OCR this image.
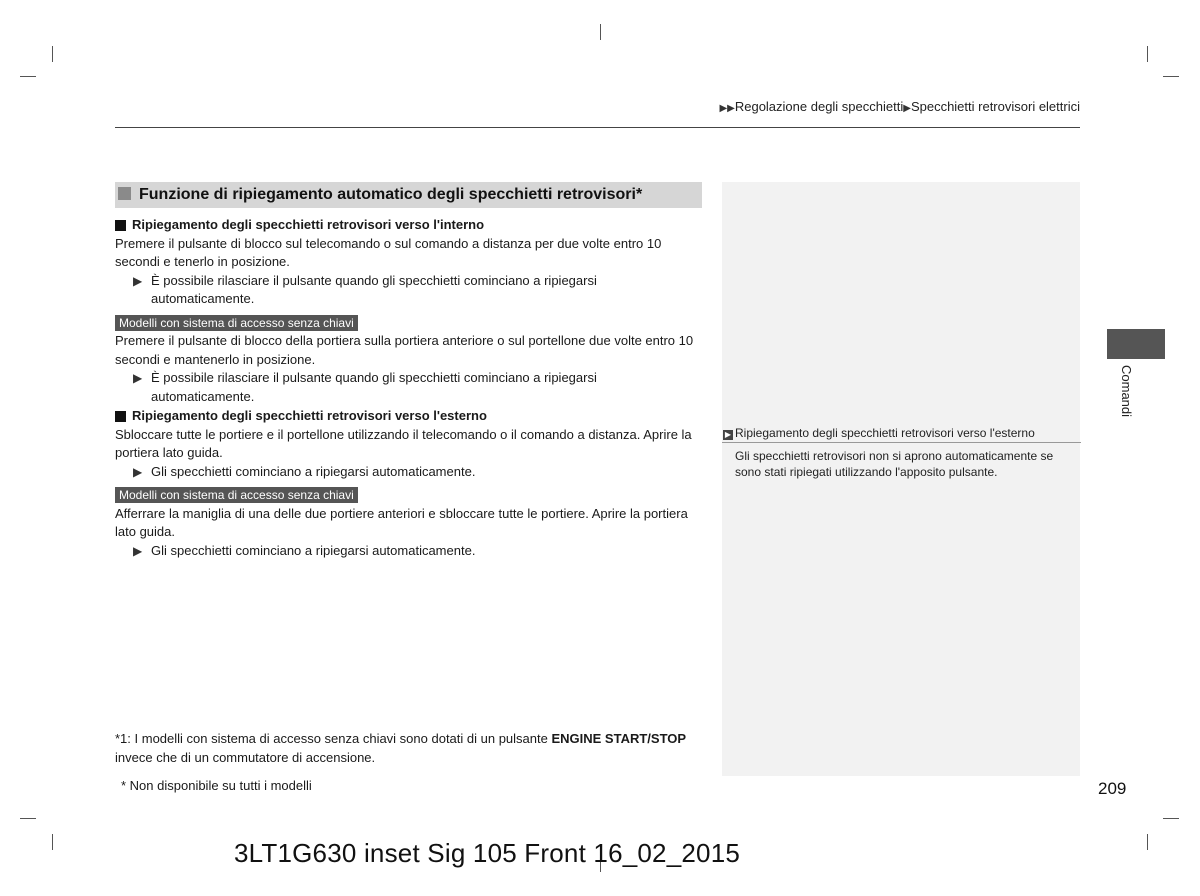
▶▶Regolazione degli specchietti▶Specchietti retrovisori elettrici
Funzione di ripiegamento automatico degli specchietti retrovisori*
Ripiegamento degli specchietti retrovisori verso l'interno

Premere il pulsante di blocco sul telecomando o sul comando a distanza per due volte entro 10 secondi e tenerlo in posizione.

▶ È possibile rilasciare il pulsante quando gli specchietti cominciano a ripiegarsi automaticamente.
Modelli con sistema di accesso senza chiavi

Premere il pulsante di blocco della portiera sulla portiera anteriore o sul portellone due volte entro 10 secondi e mantenerlo in posizione.

▶ È possibile rilasciare il pulsante quando gli specchietti cominciano a ripiegarsi automaticamente.
Ripiegamento degli specchietti retrovisori verso l'esterno

Sbloccare tutte le portiere e il portellone utilizzando il telecomando o il comando a distanza. Aprire la portiera lato guida.

▶ Gli specchietti cominciano a ripiegarsi automaticamente.
Modelli con sistema di accesso senza chiavi

Afferrare la maniglia di una delle due portiere anteriori e sbloccare tutte le portiere. Aprire la portiera lato guida.

▶ Gli specchietti cominciano a ripiegarsi automaticamente.
*1: I modelli con sistema di accesso senza chiavi sono dotati di un pulsante ENGINE START/STOP invece che di un commutatore di accensione.
* Non disponibile su tutti i modelli
▶ Ripiegamento degli specchietti retrovisori verso l'esterno
Gli specchietti retrovisori non si aprono automaticamente se sono stati ripiegati utilizzando l'apposito pulsante.
Comandi
209
3LT1G630 inset Sig 105 Front 16_02_2015
